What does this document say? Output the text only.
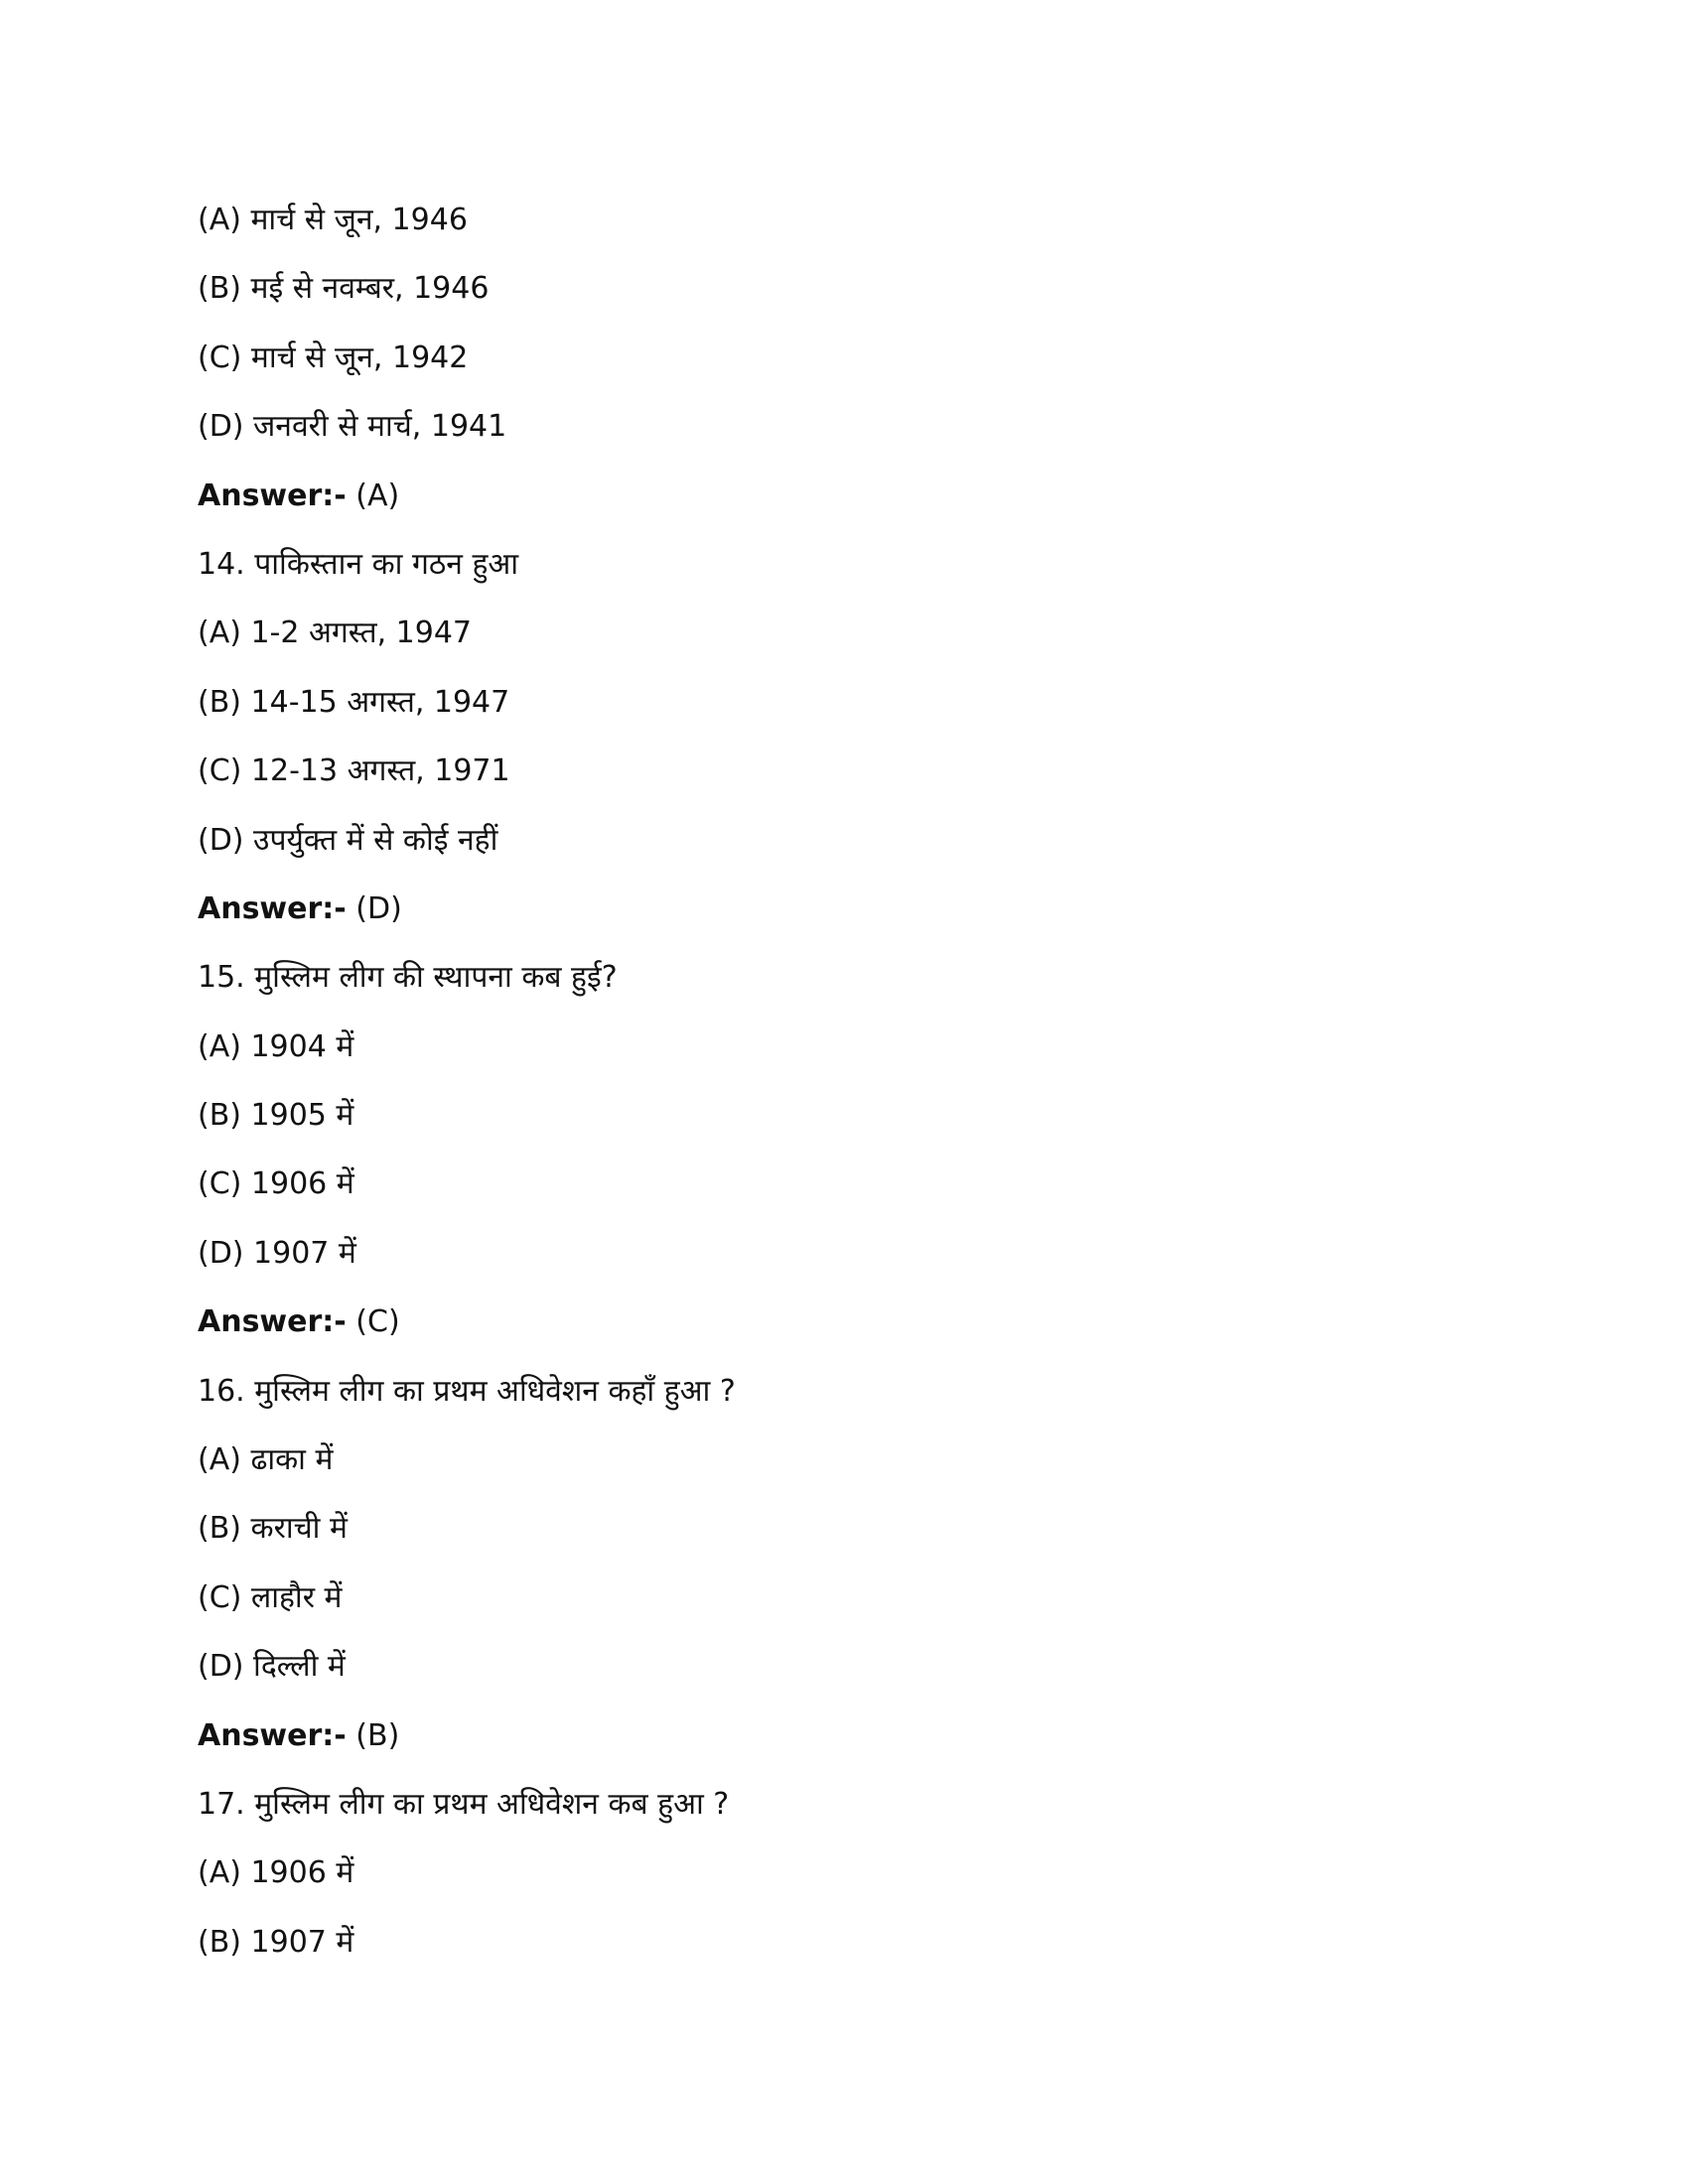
(A) मार्च से जून, 1946
(B) मई से नवम्बर, 1946
(C) मार्च से जून, 1942
(D) जनवरी से मार्च, 1941
Answer:- (A)
14. पाकिस्तान का गठन हुआ
(A) 1-2 अगस्त, 1947
(B) 14-15 अगस्त, 1947
(C) 12-13 अगस्त, 1971
(D) उपर्युक्त में से कोई नहीं
Answer:- (D)
15. मुस्लिम लीग की स्थापना कब हुई?
(A) 1904 में
(B) 1905 में
(C) 1906 में
(D) 1907 में
Answer:- (C)
16. मुस्लिम लीग का प्रथम अधिवेशन कहाँ हुआ ?
(A) ढाका में
(B) कराची में
(C) लाहौर में
(D) दिल्ली में
Answer:- (B)
17. मुस्लिम लीग का प्रथम अधिवेशन कब हुआ ?
(A) 1906 में
(B) 1907 में
